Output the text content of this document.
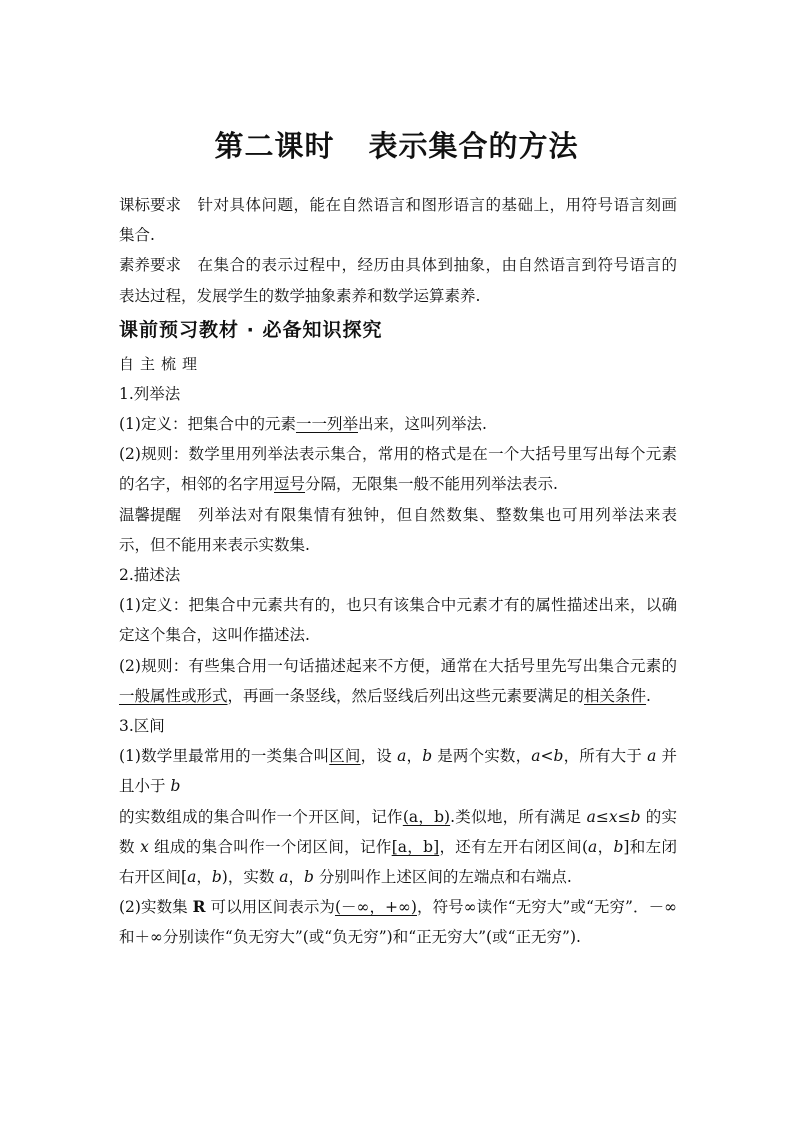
第二课时 表示集合的方法

课标要求 针对具体问题，能在自然语言和图形语言的基础上，用符号语言刻画集合.

素养要求 在集合的表示过程中，经历由具体到抽象，由自然语言到符号语言的表达过程，发展学生的数学抽象素养和数学运算素养.

课前预习教材 · 必备知识探究

自主梳理

1.列举法

(1)定义：把集合中的元素一一列举出来，这叫列举法.

(2)规则：数学里用列举法表示集合，常用的格式是在一个大括号里写出每个元素的名字，相邻的名字用逗号分隔，无限集一般不能用列举法表示.

温馨提醒 列举法对有限集情有独钟，但自然数集、整数集也可用列举法来表示，但不能用来表示实数集.

2.描述法

(1)定义：把集合中元素共有的，也只有该集合中元素才有的属性描述出来，以确定这个集合，这叫作描述法.

(2)规则：有些集合用一句话描述起来不方便，通常在大括号里先写出集合元素的一般属性或形式，再画一条竖线，然后竖线后列出这些元素要满足的相关条件.

3.区间

(1)数学里最常用的一类集合叫区间，设 a，b 是两个实数，a<b，所有大于 a 并且小于 b

的实数组成的集合叫作一个开区间，记作(a，b).类似地，所有满足 a≤x≤b 的实数 x 组成的集合叫作一个闭区间，记作[a，b]，还有左开右闭区间(a，b]和左闭右开区间[a，b)，实数 a，b 分别叫作上述区间的左端点和右端点.

(2)实数集 R 可以用区间表示为(－∞，+∞)，符号∞读作“无穷大”或“无穷”．－∞和＋∞分别读作“负无穷大”(或“负无穷”)和“正无穷大”(或“正无穷”).
